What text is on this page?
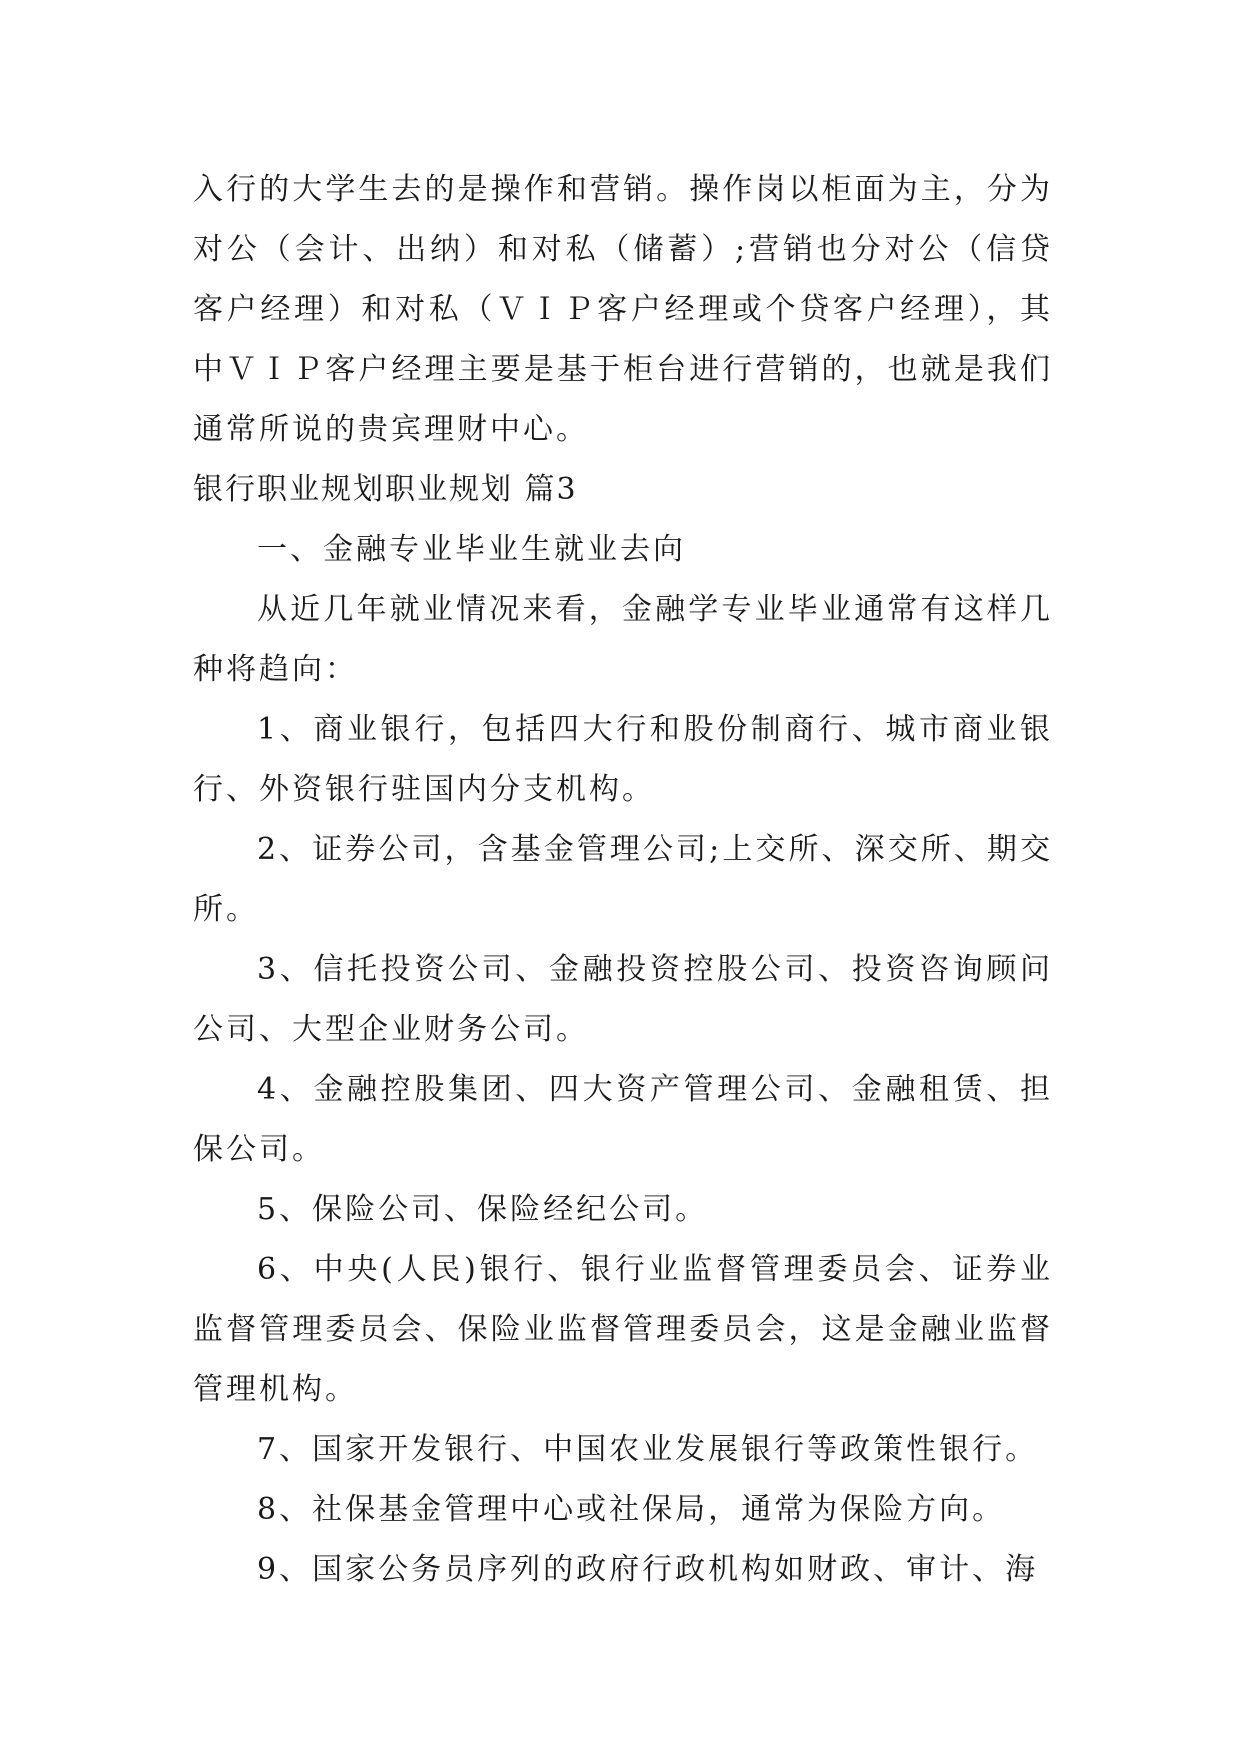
入行的大学生去的是操作和营销。操作岗以柜面为主，分为对公（会计、出纳）和对私（储蓄）;营销也分对公（信贷客户经理）和对私（ＶＩＰ客户经理或个贷客户经理），其中ＶＩＰ客户经理主要是基于柜台进行营销的，也就是我们通常所说的贵宾理财中心。

银行职业规划职业规划 篇3

一、金融专业毕业生就业去向

从近几年就业情况来看，金融学专业毕业通常有这样几种将趋向：

1、商业银行，包括四大行和股份制商行、城市商业银行、外资银行驻国内分支机构。

2、证券公司，含基金管理公司;上交所、深交所、期交所。

3、信托投资公司、金融投资控股公司、投资咨询顾问公司、大型企业财务公司。

4、金融控股集团、四大资产管理公司、金融租赁、担保公司。

5、保险公司、保险经纪公司。

6、中央(人民)银行、银行业监督管理委员会、证券业监督管理委员会、保险业监督管理委员会，这是金融业监督管理机构。

7、国家开发银行、中国农业发展银行等政策性银行。

8、社保基金管理中心或社保局，通常为保险方向。

9、国家公务员序列的政府行政机构如财政、审计、海
